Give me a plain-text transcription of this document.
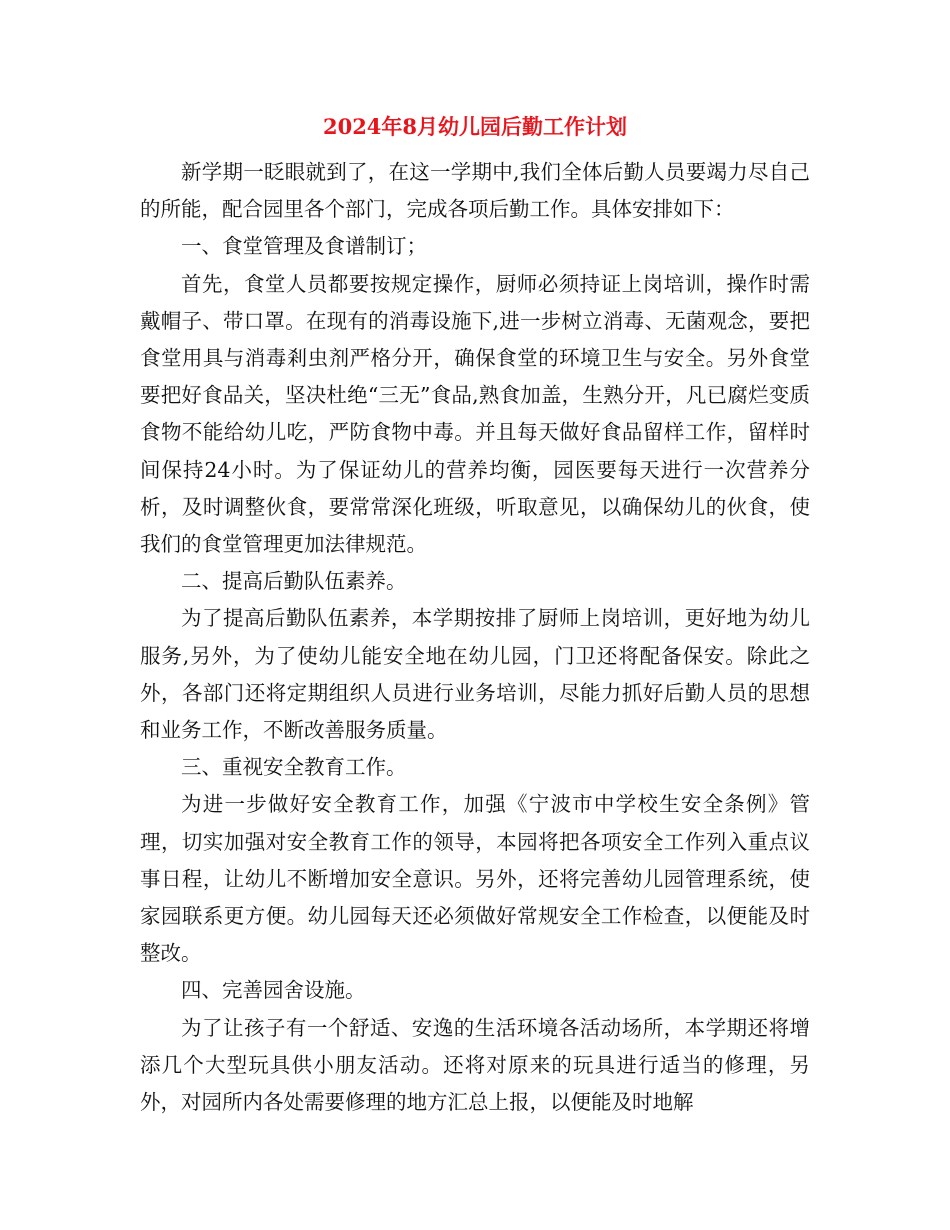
2024年8月幼儿园后勤工作计划

新学期一眨眼就到了，在这一学期中,我们全体后勤人员要竭力尽自己的所能，配合园里各个部门，完成各项后勤工作。具体安排如下：

一、食堂管理及食谱制订；

首先，食堂人员都要按规定操作，厨师必须持证上岗培训，操作时需戴帽子、带口罩。在现有的消毒设施下,进一步树立消毒、无菌观念，要把食堂用具与消毒剎虫剂严格分开，确保食堂的环境卫生与安全。另外食堂要把好食品关，坚决杜绝“三无”食品,熟食加盖，生熟分开，凡已腐烂变质食物不能给幼儿吃，严防食物中毒。并且每天做好食品留样工作，留样时间保持24小时。为了保证幼儿的营养均衡，园医要每天进行一次营养分析，及时调整伙食，要常常深化班级，听取意见，以确保幼儿的伙食，使我们的食堂管理更加法律规范。

二、提高后勤队伍素养。

为了提高后勤队伍素养，本学期按排了厨师上岗培训，更好地为幼儿服务,另外，为了使幼儿能安全地在幼儿园，门卫还将配备保安。除此之外，各部门还将定期组织人员进行业务培训，尽能力抓好后勤人员的思想和业务工作，不断改善服务质量。

三、重视安全教育工作。

为进一步做好安全教育工作，加强《宁波市中学校生安全条例》管理，切实加强对安全教育工作的领导，本园将把各项安全工作列入重点议事日程，让幼儿不断增加安全意识。另外，还将完善幼儿园管理系统，使家园联系更方便。幼儿园每天还必须做好常规安全工作检查，以便能及时整改。

四、完善园舍设施。

为了让孩子有一个舒适、安逸的生活环境各活动场所，本学期还将增添几个大型玩具供小朋友活动。还将对原来的玩具进行适当的修理，另外，对园所内各处需要修理的地方汇总上报，以便能及时地解
